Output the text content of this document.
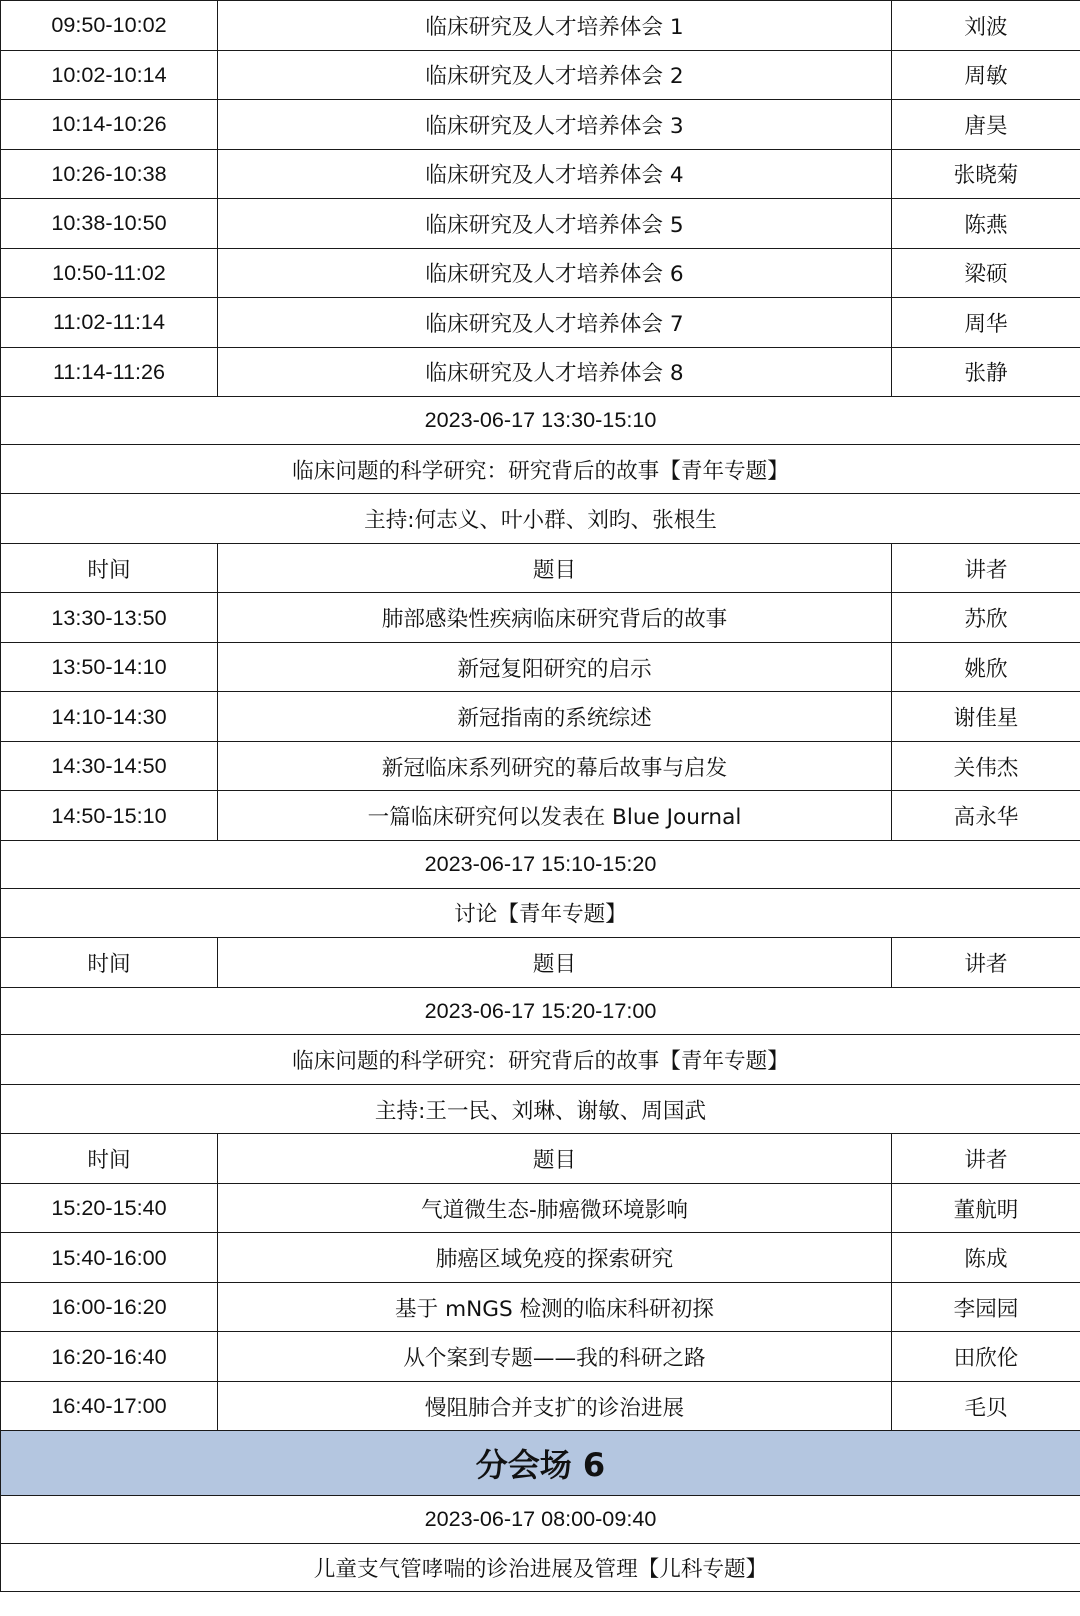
09:50-10:02	临床研究及人才培养体会 1	刘波
10:02-10:14	临床研究及人才培养体会 2	周敏
10:14-10:26	临床研究及人才培养体会 3	唐昊
10:26-10:38	临床研究及人才培养体会 4	张晓菊
10:38-10:50	临床研究及人才培养体会 5	陈燕
10:50-11:02	临床研究及人才培养体会 6	梁硕
11:02-11:14	临床研究及人才培养体会 7	周华
11:14-11:26	临床研究及人才培养体会 8	张静
2023-06-17 13:30-15:10		
临床问题的科学研究：研究背后的故事【青年专题】		
主持:何志义、叶小群、刘昀、张根生		
时间	题目	讲者
13:30-13:50	肺部感染性疾病临床研究背后的故事	苏欣
13:50-14:10	新冠复阳研究的启示	姚欣
14:10-14:30	新冠指南的系统综述	谢佳星
14:30-14:50	新冠临床系列研究的幕后故事与启发	关伟杰
14:50-15:10	一篇临床研究何以发表在 Blue Journal	高永华
2023-06-17 15:10-15:20		
讨论【青年专题】		
时间	题目	讲者
2023-06-17 15:20-17:00		
临床问题的科学研究：研究背后的故事【青年专题】		
主持:王一民、刘琳、谢敏、周国武		
时间	题目	讲者
15:20-15:40	气道微生态-肺癌微环境影响	董航明
15:40-16:00	肺癌区域免疫的探索研究	陈成
16:00-16:20	基于 mNGS 检测的临床科研初探	李园园
16:20-16:40	从个案到专题——我的科研之路	田欣伦
16:40-17:00	慢阻肺合并支扩的诊治进展	毛贝
分会场 6		
2023-06-17 08:00-09:40		
儿童支气管哮喘的诊治进展及管理【儿科专题】		
